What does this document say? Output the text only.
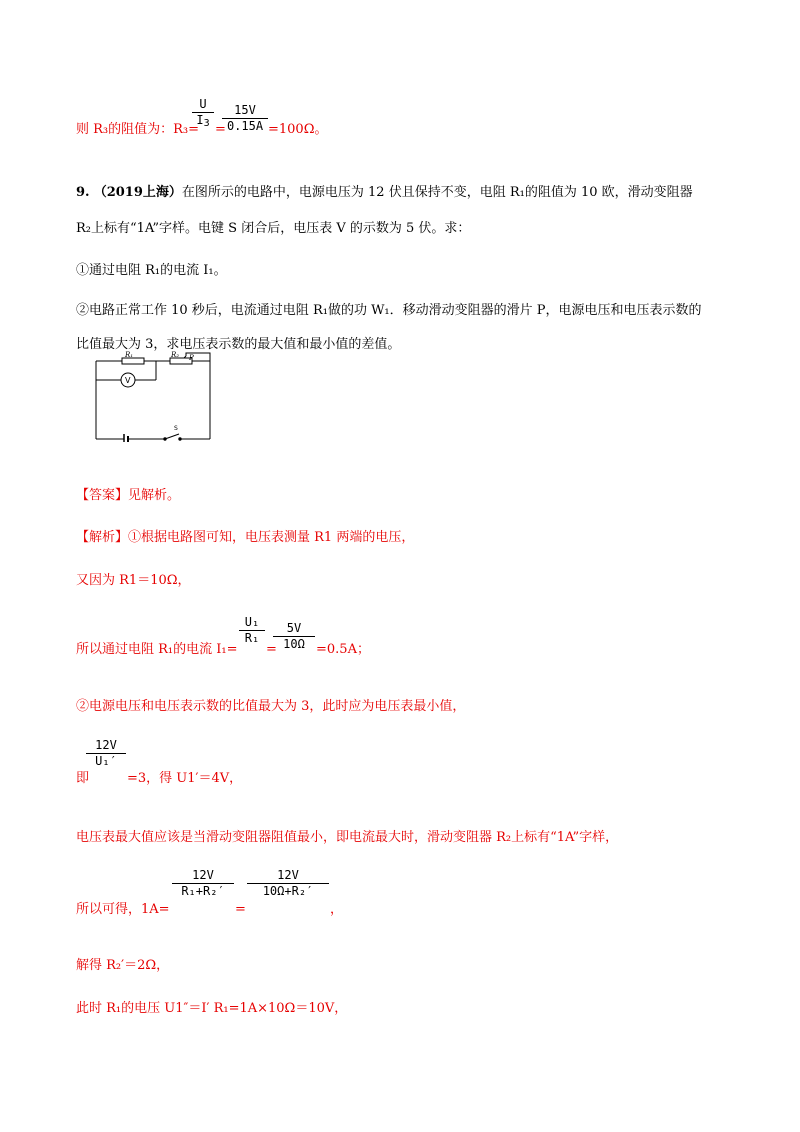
则 R₃的阻值为：R₃=
U
$I_3$ =
15V
0.15A =100Ω。
9. （2019上海）在图所示的电路中，电源电压为 12 伏且保持不变，电阻 R₁的阻值为 10 欧，滑动变阻器
R₂上标有“1A”字样。电键 S 闭合后，电压表 V 的示数为 5 伏。求：
①通过电阻 R₁的电流 I₁。
②电路正常工作 10 秒后，电流通过电阻 R₁做的功 W₁．移动滑动变阻器的滑片 P，电源电压和电压表示数的
比值最大为 3，求电压表示数的最大值和最小值的差值。
R₁	R₂ P
V
S
【答案】见解析。
【解析】①根据电路图可知，电压表测量 R1 两端的电压，
又因为 R1＝10Ω，
所以通过电阻 R₁的电流 I₁=
U₁
R₁
=
5V
10Ω =0.5A；
②电源电压和电压表示数的比值最大为 3，此时应为电压表最小值，
即
12V
U₁′
=3，得 U1′＝4V，
电压表最大值应该是当滑动变阻器阻值最小，即电流最大时，滑动变阻器 R₂上标有“1A”字样，
所以可得，1A=
12V
R₁+R₂′
=
12V
10Ω+R₂′
，
解得 R₂′＝2Ω，
此时 R₁的电压 U1″＝I′ R₁=1A×10Ω＝10V，
